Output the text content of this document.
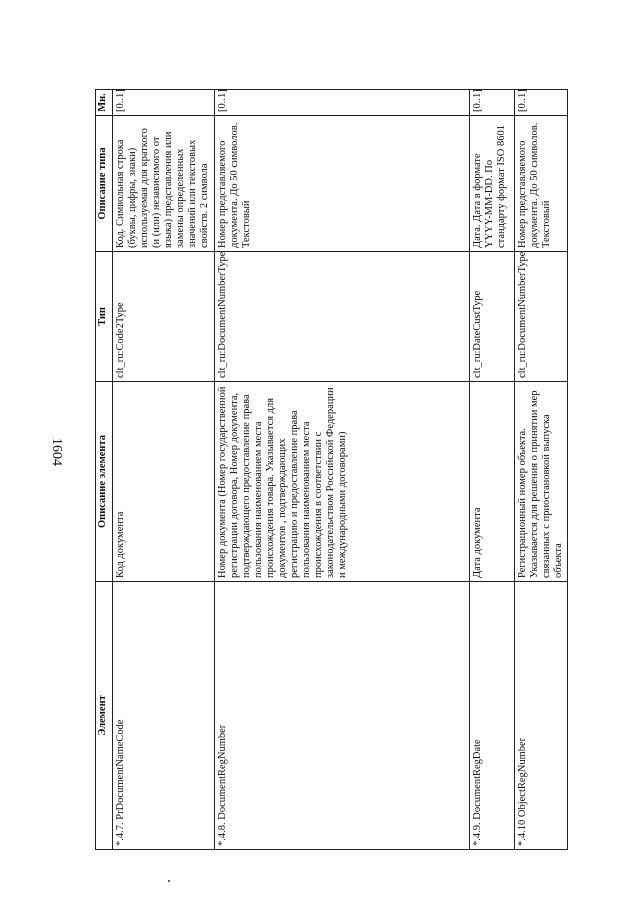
1604
Элемент	Описание элемента	Тип	Описание типа	Мн.
*.4.7. PrDocumentNameCode	Код документа	clt_ru:Code2Type	Код. Символьная строка (буквы, цифры, знаки) используемая для краткого (и (или) независимого от языка) представления или замены определенных значений или текстовых свойств. 2 символа	[0..1]
*.4.8. DocumentRegNumber	Номер документа (Номер государственной регистрации договора, Номер документа, подтверждающего предоставление права пользования наименованием места происхождения товара. Указывается для документов , подтверждающих регистрацию и предоставление права пользования наименованием места происхождения в соответствии с законодательством Российской Федерации и международными договорами)	clt_ru:DocumentNumberType	Номер представляемого документа. До 50 символов. Текстовый	[0..1]
*.4.9. DocumentRegDate	Дата документа	clt_ru:DateCustType	Дата. Дата в формате YYYY-MM-DD. По стандарту формат ISO 8601	[0..1]
*.4.10 ObjectRegNumber	Регистрационный номер объекта. Указывается для решения о принятии мер связанных с приостановкой выпуска объекта	clt_ru:DocumentNumberType	Номер представляемого документа. До 50 символов. Текстовый	[0..1]
